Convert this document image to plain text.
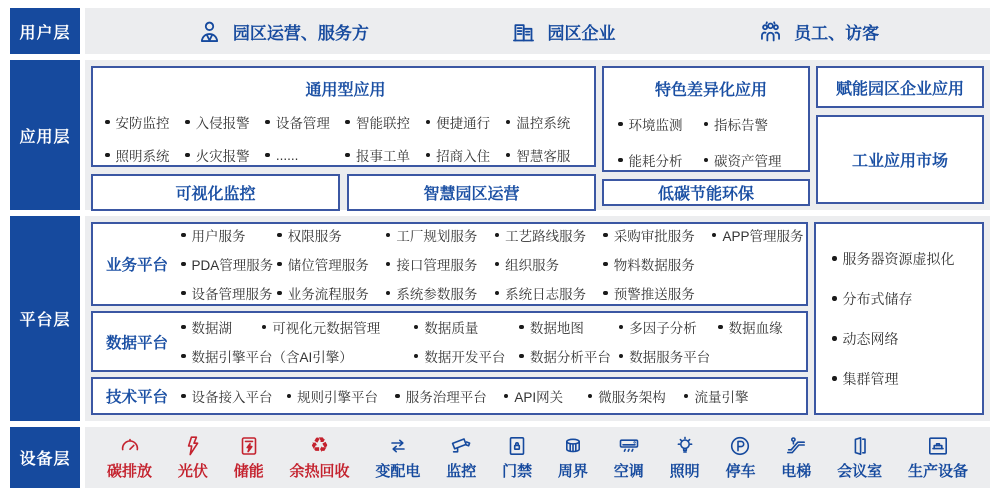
用户层	园区运营、服务方	园区企业	员工、访客
应用层
通用型应用
安防监控	入侵报警	设备管理	智能联控	便捷通行	温控系统
照明系统	火灾报警	......	报事工单	招商入住	智慧客服
可视化监控	智慧园区运营
特色差异化应用
环境监测	指标告警
能耗分析	碳资产管理
低碳节能环保
赋能园区企业应用
工业应用市场
平台层
业务平台
用户服务	权限服务	工厂规划服务	工艺路线服务	采购审批服务	APP管理服务
PDA管理服务	储位管理服务	接口管理服务	组织服务	物料数据服务
设备管理服务	业务流程服务	系统参数服务	系统日志服务	预警推送服务
数据平台
数据湖	可视化元数据管理	数据质量	数据地图	多因子分析	数据血缘
数据引擎平台（含AI引擎）	数据开发平台	数据分析平台	数据服务平台
技术平台	设备接入平台	规则引擎平台	服务治理平台	API网关	微服务架构	流量引擎
服务器资源虚拟化
分布式储存
动态网络
集群管理
设备层
碳排放 光伏 储能
♻
余热回收 变配电 监控 门禁 周界 空调 照明 停车 电梯 会议室 生产设备
